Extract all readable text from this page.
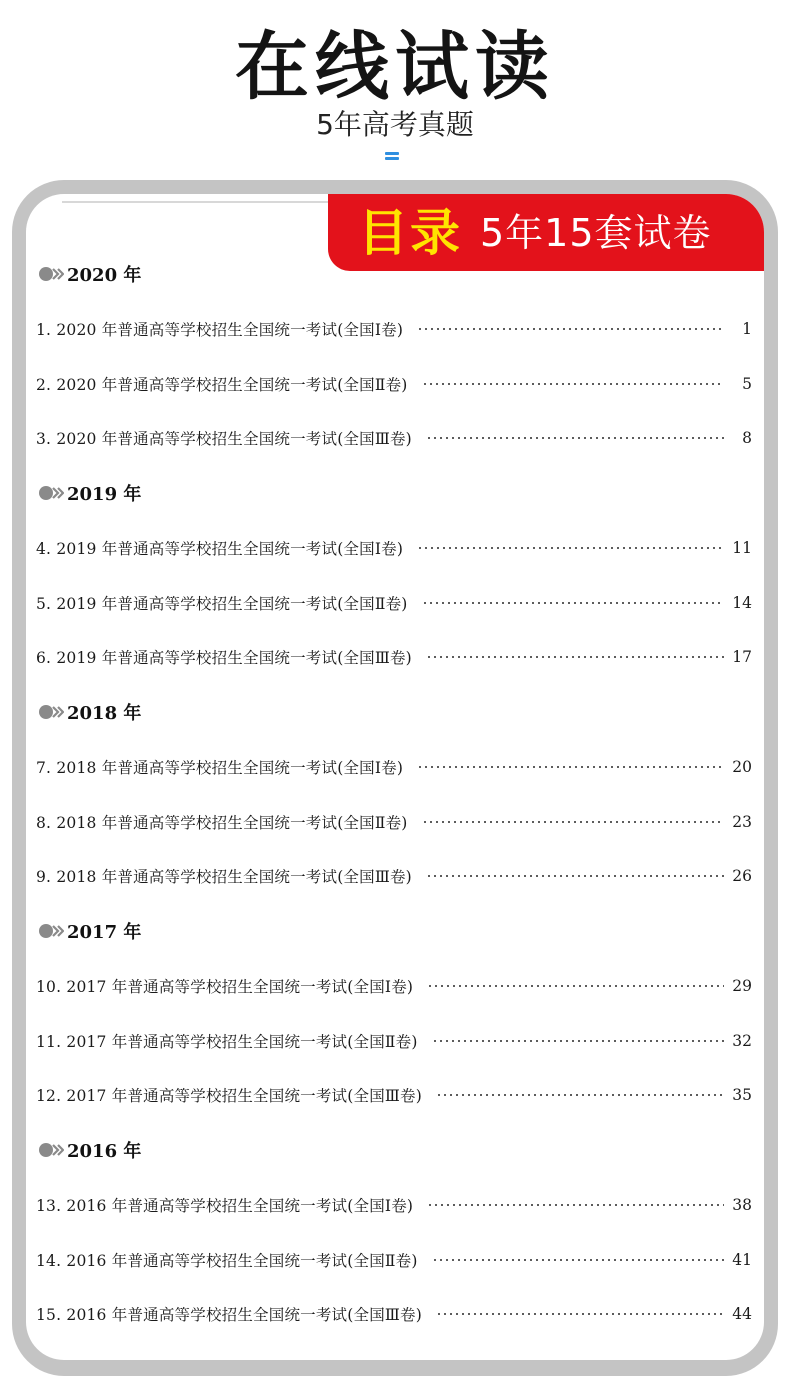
在线试读
5年高考真题
目录 5年15套试卷
2020 年
1. 2020 年普通高等学校招生全国统一考试(全国Ⅰ卷)	1
2. 2020 年普通高等学校招生全国统一考试(全国Ⅱ卷)	5
3. 2020 年普通高等学校招生全国统一考试(全国Ⅲ卷)	8
2019 年
4. 2019 年普通高等学校招生全国统一考试(全国Ⅰ卷)	11
5. 2019 年普通高等学校招生全国统一考试(全国Ⅱ卷)	14
6. 2019 年普通高等学校招生全国统一考试(全国Ⅲ卷)	17
2018 年
7. 2018 年普通高等学校招生全国统一考试(全国Ⅰ卷)	20
8. 2018 年普通高等学校招生全国统一考试(全国Ⅱ卷)	23
9. 2018 年普通高等学校招生全国统一考试(全国Ⅲ卷)	26
2017 年
10. 2017 年普通高等学校招生全国统一考试(全国Ⅰ卷)	29
11. 2017 年普通高等学校招生全国统一考试(全国Ⅱ卷)	32
12. 2017 年普通高等学校招生全国统一考试(全国Ⅲ卷)	35
2016 年
13. 2016 年普通高等学校招生全国统一考试(全国Ⅰ卷)	38
14. 2016 年普通高等学校招生全国统一考试(全国Ⅱ卷)	41
15. 2016 年普通高等学校招生全国统一考试(全国Ⅲ卷)	44
